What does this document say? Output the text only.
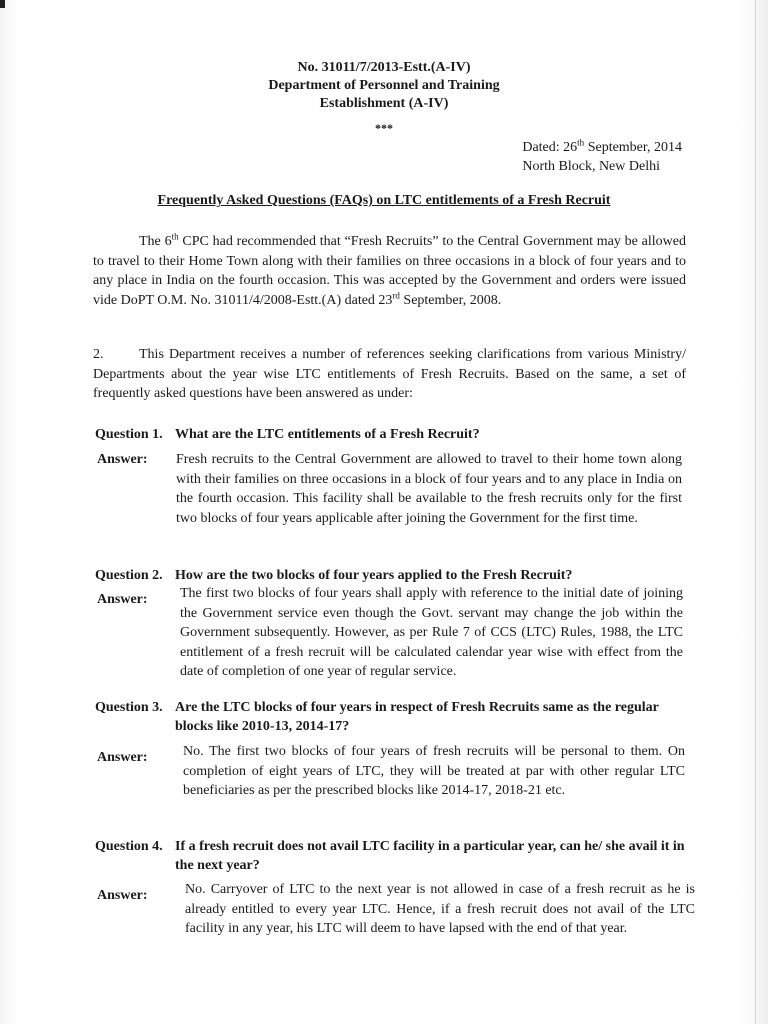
No. 31011/7/2013-Estt.(A-IV)
Department of Personnel and Training
Establishment (A-IV)
***
Dated: 26th September, 2014
North Block, New Delhi
Frequently Asked Questions (FAQs) on LTC entitlements of a Fresh Recruit
The 6th CPC had recommended that “Fresh Recruits” to the Central Government may be allowed to travel to their Home Town along with their families on three occasions in a block of four years and to any place in India on the fourth occasion. This was accepted by the Government and orders were issued vide DoPT O.M. No. 31011/4/2008-Estt.(A) dated 23rd September, 2008.
2.	This Department receives a number of references seeking clarifications from various Ministry/ Departments about the year wise LTC entitlements of Fresh Recruits. Based on the same, a set of frequently asked questions have been answered as under:
Question 1. What are the LTC entitlements of a Fresh Recruit?
Answer: Fresh recruits to the Central Government are allowed to travel to their home town along with their families on three occasions in a block of four years and to any place in India on the fourth occasion. This facility shall be available to the fresh recruits only for the first two blocks of four years applicable after joining the Government for the first time.
Question 2. How are the two blocks of four years applied to the Fresh Recruit?
Answer: The first two blocks of four years shall apply with reference to the initial date of joining the Government service even though the Govt. servant may change the job within the Government subsequently. However, as per Rule 7 of CCS (LTC) Rules, 1988, the LTC entitlement of a fresh recruit will be calculated calendar year wise with effect from the date of completion of one year of regular service.
Question 3. Are the LTC blocks of four years in respect of Fresh Recruits same as the regular blocks like 2010-13, 2014-17?
Answer:	No. The first two blocks of four years of fresh recruits will be personal to them. On completion of eight years of LTC, they will be treated at par with other regular LTC beneficiaries as per the prescribed blocks like 2014-17, 2018-21 etc.
Question 4. If a fresh recruit does not avail LTC facility in a particular year, can he/ she avail it in the next year?
Answer:	No. Carryover of LTC to the next year is not allowed in case of a fresh recruit as he is already entitled to every year LTC. Hence, if a fresh recruit does not avail of the LTC facility in any year, his LTC will deem to have lapsed with the end of that year.
